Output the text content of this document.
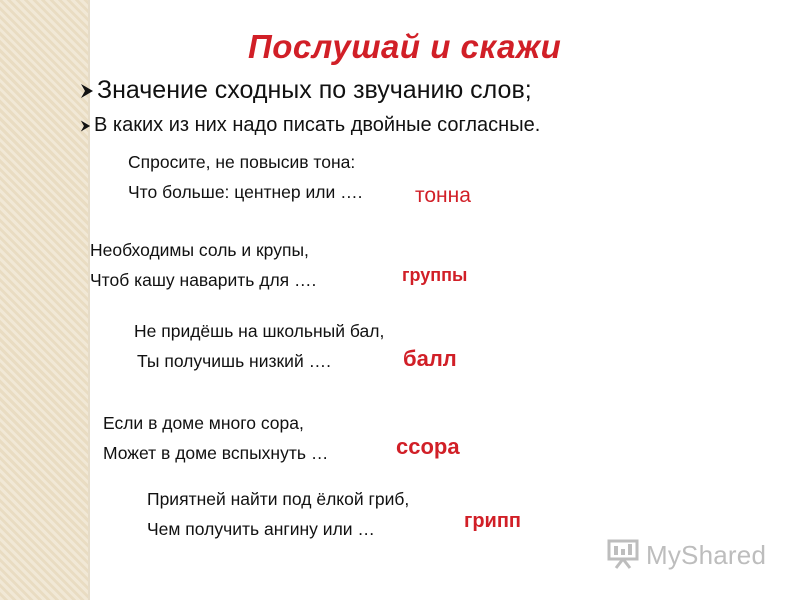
Послушай и скажи
Значение сходных по звучанию слов;
В каких из них надо писать двойные согласные.
Спросите, не повысив тона:
Что больше: центнер или ….	тонна
Необходимы соль и крупы,
Чтоб кашу наварить для ….	группы
Не придёшь на школьный бал,
Ты получишь низкий ….	балл
Если в доме много сора,
Может в доме вспыхнуть …	ссора
Приятней найти под ёлкой гриб,
Чем получить ангину или …	грипп
MyShared
